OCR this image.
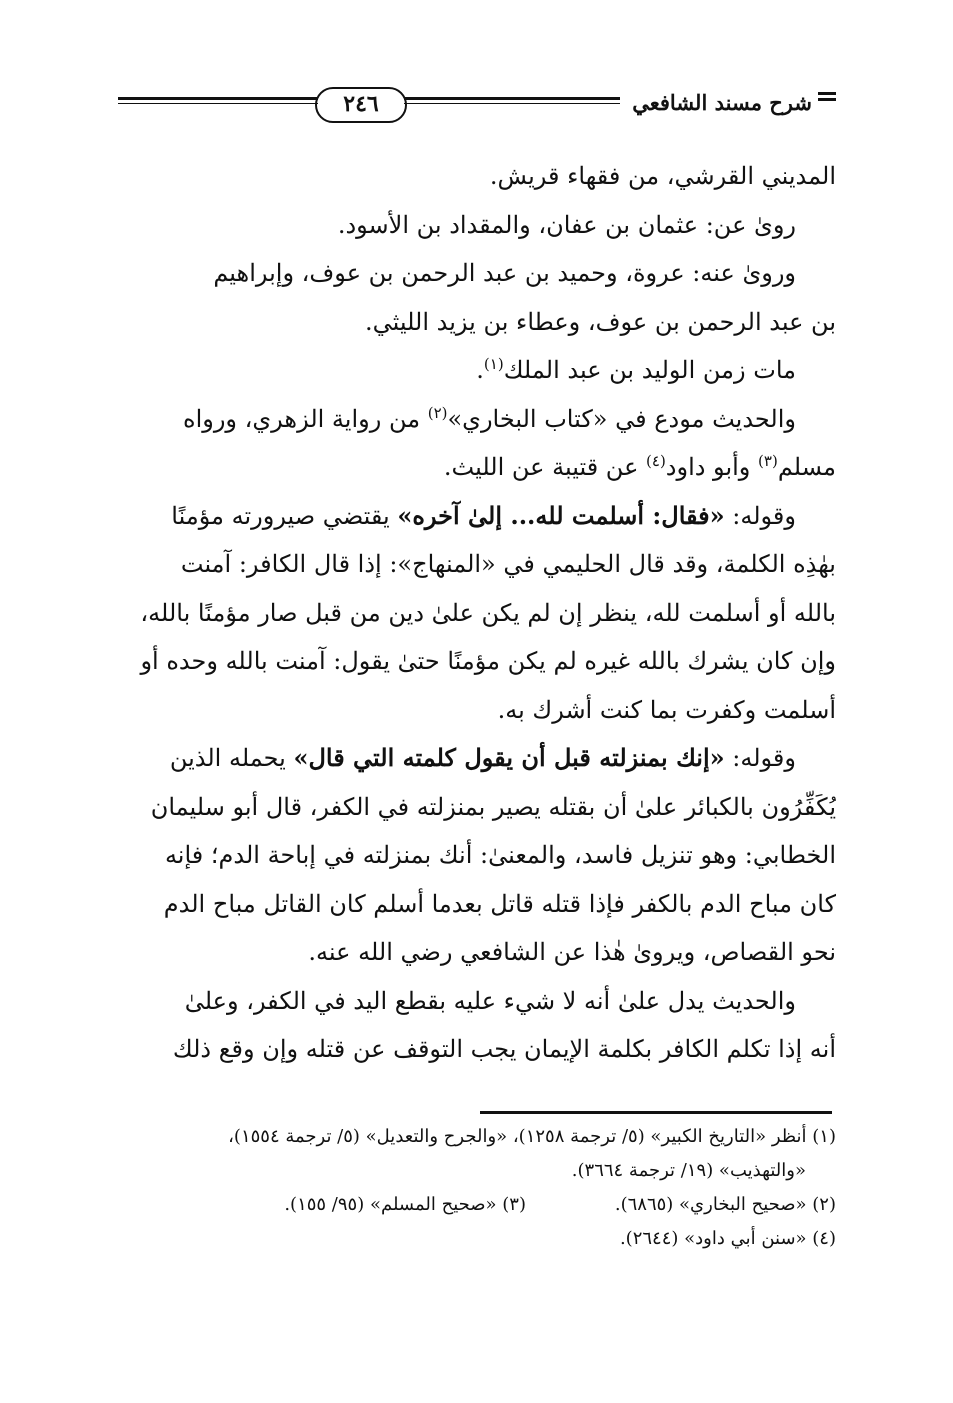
٢٤٦	شرح مسند الشافعي
المديني القرشي، من فقهاء قريش.
روىٰ عن: عثمان بن عفان، والمقداد بن الأسود.
وروىٰ عنه: عروة، وحميد بن عبد الرحمن بن عوف، وإبراهيم
بن عبد الرحمن بن عوف، وعطاء بن يزيد الليثي.
مات زمن الوليد بن عبد الملك$^{(١)}$.
والحديث مودع في «كتاب البخاري»$^{(٢)}$ من رواية الزهري، ورواه
مسلم$^{(٣)}$ وأبو داود$^{(٤)}$ عن قتيبة عن الليث.
وقوله: «فقال: أسلمت لله... إلىٰ آخره» يقتضي صيرورته مؤمنًا
بهٰذِه الكلمة، وقد قال الحليمي في «المنهاج»: إذا قال الكافر: آمنت
بالله أو أسلمت لله، ينظر إن لم يكن علىٰ دين من قبل صار مؤمنًا بالله،
وإن كان يشرك بالله غيره لم يكن مؤمنًا حتىٰ يقول: آمنت بالله وحده أو
أسلمت وكفرت بما كنت أشرك به.
وقوله: «إنك بمنزلته قبل أن يقول كلمته التي قال» يحمله الذين
يُكَفِّرُون بالكبائر علىٰ أن بقتله يصير بمنزلته في الكفر، قال أبو سليمان
الخطابي: وهو تنزيل فاسد، والمعنىٰ: أنك بمنزلته في إباحة الدم؛ فإنه
كان مباح الدم بالكفر فإذا قتله قاتل بعدما أسلم كان القاتل مباح الدم
نحو القصاص، ويروىٰ هٰذا عن الشافعي رضي الله عنه.
والحديث يدل علىٰ أنه لا شيء عليه بقطع اليد في الكفر، وعلىٰ
أنه إذا تكلم الكافر بكلمة الإيمان يجب التوقف عن قتله وإن وقع ذلك
(١) أنظر «التاريخ الكبير» (٥/ ترجمة ١٢٥٨)، «والجرح والتعديل» (٥/ ترجمة ١٥٥٤)،
«والتهذيب» (١٩/ ترجمة ٣٦٦٤).
(٢) «صحيح البخاري» (٦٨٦٥).
(٣) «صحيح المسلم» (٩٥/ ١٥٥).
(٤) «سنن أبي داود» (٢٦٤٤).
